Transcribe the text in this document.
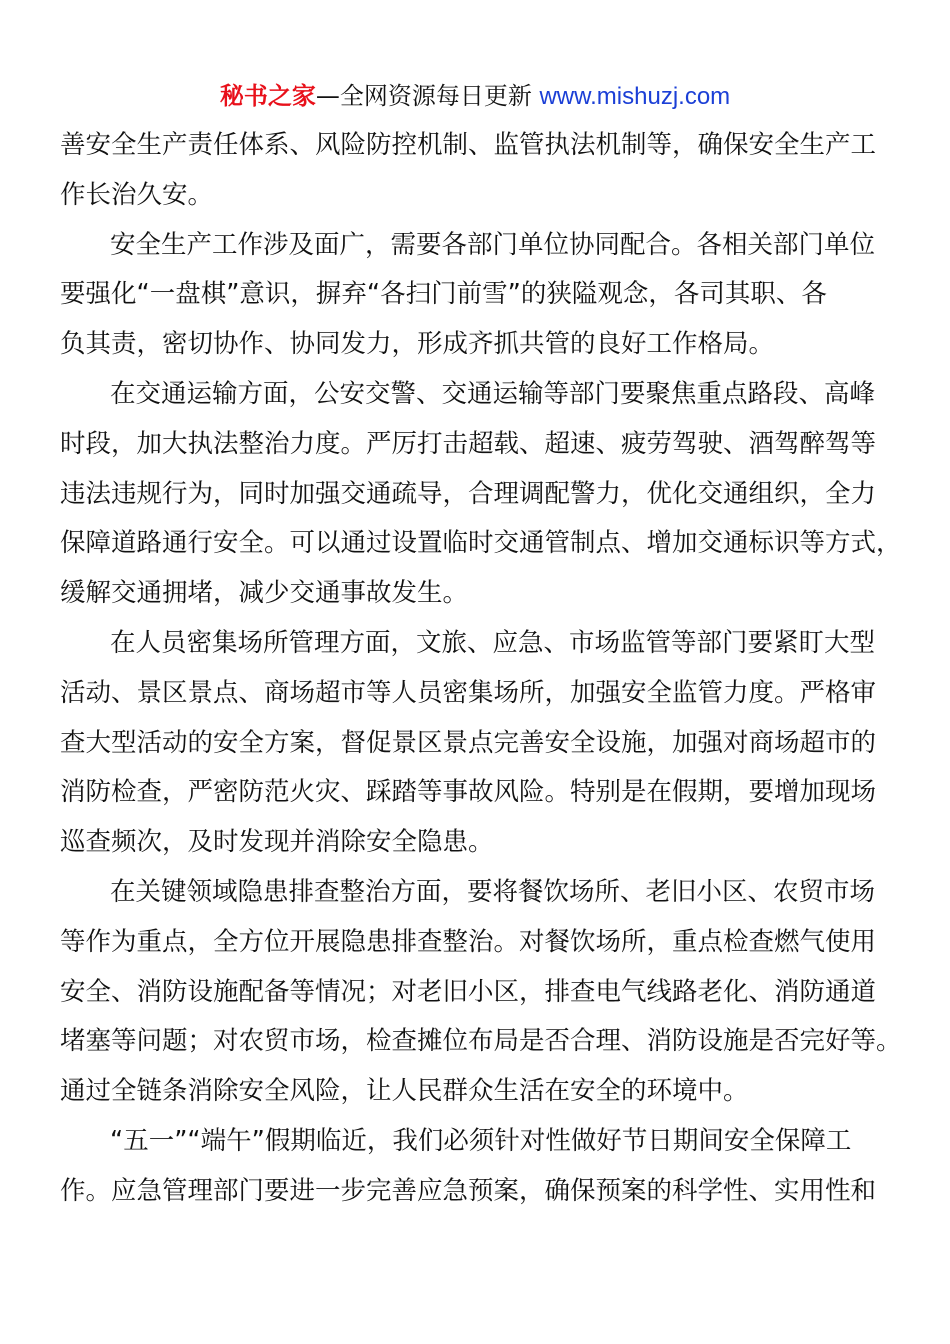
秘书之家—全网资源每日更新 www.mishuzj.com
善安全生产责任体系、风险防控机制、监管执法机制等，确保安全生产工
作长治久安。
安全生产工作涉及面广，需要各部门单位协同配合。各相关部门单位
要强化“一盘棋”意识，摒弃“各扫门前雪”的狭隘观念，各司其职、各
负其责，密切协作、协同发力，形成齐抓共管的良好工作格局。
在交通运输方面，公安交警、交通运输等部门要聚焦重点路段、高峰
时段，加大执法整治力度。严厉打击超载、超速、疲劳驾驶、酒驾醉驾等
违法违规行为，同时加强交通疏导，合理调配警力，优化交通组织，全力
保障道路通行安全。可以通过设置临时交通管制点、增加交通标识等方式，
缓解交通拥堵，减少交通事故发生。
在人员密集场所管理方面，文旅、应急、市场监管等部门要紧盯大型
活动、景区景点、商场超市等人员密集场所，加强安全监管力度。严格审
查大型活动的安全方案，督促景区景点完善安全设施，加强对商场超市的
消防检查，严密防范火灾、踩踏等事故风险。特别是在假期，要增加现场
巡查频次，及时发现并消除安全隐患。
在关键领域隐患排查整治方面，要将餐饮场所、老旧小区、农贸市场
等作为重点，全方位开展隐患排查整治。对餐饮场所，重点检查燃气使用
安全、消防设施配备等情况；对老旧小区，排查电气线路老化、消防通道
堵塞等问题；对农贸市场，检查摊位布局是否合理、消防设施是否完好等。
通过全链条消除安全风险，让人民群众生活在安全的环境中。
“五一”“端午”假期临近，我们必须针对性做好节日期间安全保障工
作。应急管理部门要进一步完善应急预案，确保预案的科学性、实用性和
